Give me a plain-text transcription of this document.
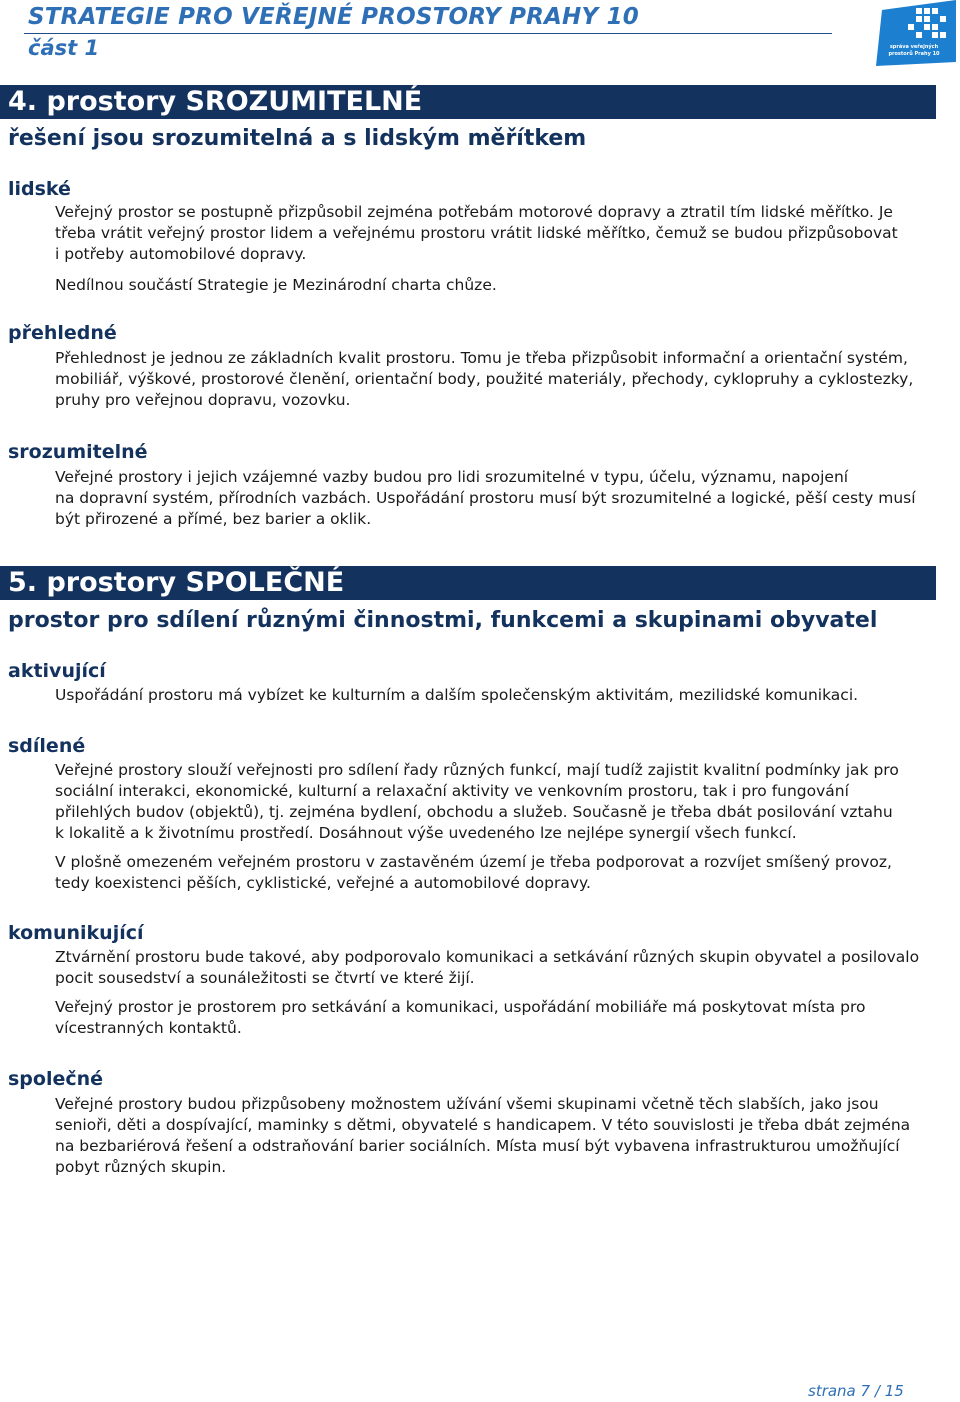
STRATEGIE PRO VEŘEJNÉ PROSTORY PRAHY 10
část 1	správa veřejných
prostorů Prahy 10
4. prostory SROZUMITELNÉ
řešení jsou srozumitelná a s lidským měřítkem
lidské
Veřejný prostor se postupně přizpůsobil zejména potřebám motorové dopravy a ztratil tím lidské měřítko. Je
třeba vrátit veřejný prostor lidem a veřejnému prostoru vrátit lidské měřítko, čemuž se budou přizpůsobovat
i potřeby automobilové dopravy.
Nedílnou součástí Strategie je Mezinárodní charta chůze.
přehledné
Přehlednost je jednou ze základních kvalit prostoru. Tomu je třeba přizpůsobit informační a orientační systém,
mobiliář, výškové, prostorové členění, orientační body, použité materiály, přechody, cyklopruhy a cyklostezky,
pruhy pro veřejnou dopravu, vozovku.
srozumitelné
Veřejné prostory i jejich vzájemné vazby budou pro lidi srozumitelné v typu, účelu, významu, napojení
na dopravní systém, přírodních vazbách. Uspořádání prostoru musí být srozumitelné a logické, pěší cesty musí
být přirozené a přímé, bez barier a oklik.
5. prostory SPOLEČNÉ
prostor pro sdílení různými činnostmi, funkcemi a skupinami obyvatel
aktivující
Uspořádání prostoru má vybízet ke kulturním a dalším společenským aktivitám, mezilidské komunikaci.
sdílené
Veřejné prostory slouží veřejnosti pro sdílení řady různých funkcí, mají tudíž zajistit kvalitní podmínky jak pro
sociální interakci, ekonomické, kulturní a relaxační aktivity ve venkovním prostoru, tak i pro fungování
přilehlých budov (objektů), tj. zejména bydlení, obchodu a služeb. Současně je třeba dbát posilování vztahu
k lokalitě a k životnímu prostředí. Dosáhnout výše uvedeného lze nejlépe synergií všech funkcí.
V plošně omezeném veřejném prostoru v zastavěném území je třeba podporovat a rozvíjet smíšený provoz,
tedy koexistenci pěších, cyklistické, veřejné a automobilové dopravy.
komunikující
Ztvárnění prostoru bude takové, aby podporovalo komunikaci a setkávání různých skupin obyvatel a posilovalo
pocit sousedství a sounáležitosti se čtvrtí ve které žijí.
Veřejný prostor je prostorem pro setkávání a komunikaci, uspořádání mobiliáře má poskytovat místa pro
vícestranných kontaktů.
společné
Veřejné prostory budou přizpůsobeny možnostem užívání všemi skupinami včetně těch slabších, jako jsou
senioři, děti a dospívající, maminky s dětmi, obyvatelé s handicapem. V této souvislosti je třeba dbát zejména
na bezbariérová řešení a odstraňování barier sociálních. Místa musí být vybavena infrastrukturou umožňující
pobyt různých skupin.
strana 7 / 15
